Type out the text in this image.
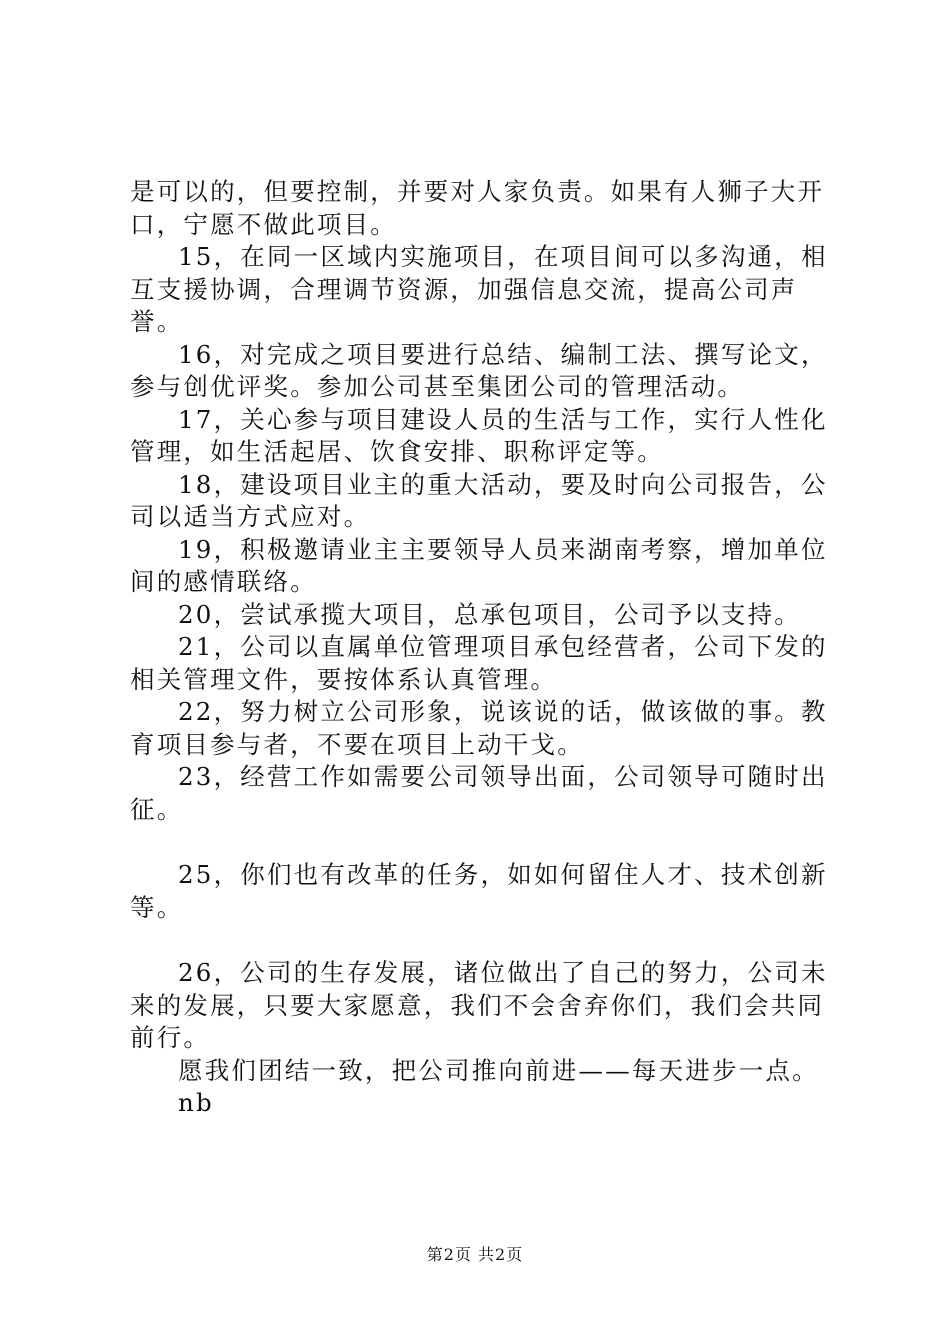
是可以的，但要控制，并要对人家负责。如果有人狮子大开口，宁愿不做此项目。

15，在同一区域内实施项目，在项目间可以多沟通，相互支援协调，合理调节资源，加强信息交流，提高公司声誉。

16，对完成之项目要进行总结、编制工法、撰写论文，参与创优评奖。参加公司甚至集团公司的管理活动。

17，关心参与项目建设人员的生活与工作，实行人性化管理，如生活起居、饮食安排、职称评定等。

18，建设项目业主的重大活动，要及时向公司报告，公司以适当方式应对。

19，积极邀请业主主要领导人员来湖南考察，增加单位间的感情联络。

20，尝试承揽大项目，总承包项目，公司予以支持。

21，公司以直属单位管理项目承包经营者，公司下发的相关管理文件，要按体系认真管理。

22，努力树立公司形象，说该说的话，做该做的事。教育项目参与者，不要在项目上动干戈。

23，经营工作如需要公司领导出面，公司领导可随时出征。

25，你们也有改革的任务，如如何留住人才、技术创新等。

26，公司的生存发展，诸位做出了自己的努力，公司未来的发展，只要大家愿意，我们不会舍弃你们，我们会共同前行。

愿我们团结一致，把公司推向前进——每天进步一点。

nb

第2页 共2页
